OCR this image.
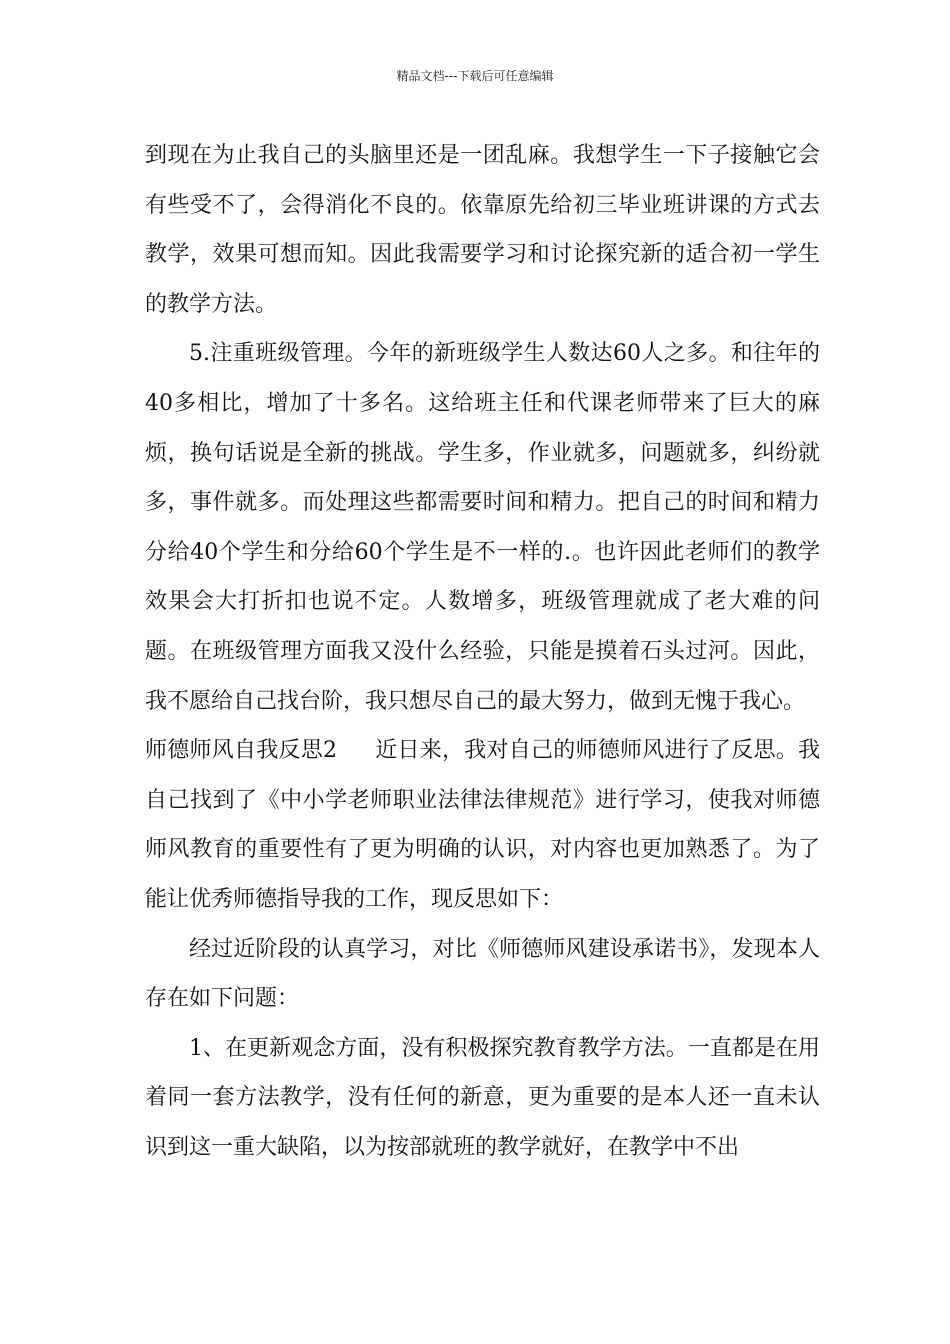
精品文档---下载后可任意编辑

到现在为止我自己的头脑里还是一团乱麻。我想学生一下子接触它会有些受不了，会得消化不良的。依靠原先给初三毕业班讲课的方式去教学，效果可想而知。因此我需要学习和讨论探究新的适合初一学生的教学方法。

5.注重班级管理。今年的新班级学生人数达60人之多。和往年的40多相比，增加了十多名。这给班主任和代课老师带来了巨大的麻烦，换句话说是全新的挑战。学生多，作业就多，问题就多，纠纷就多，事件就多。而处理这些都需要时间和精力。把自己的时间和精力分给40个学生和分给60个学生是不一样的.。也许因此老师们的教学效果会大打折扣也说不定。人数增多，班级管理就成了老大难的问题。在班级管理方面我又没什么经验，只能是摸着石头过河。因此，我不愿给自己找台阶，我只想尽自己的最大努力，做到无愧于我心。

师德师风自我反思2 近日来，我对自己的师德师风进行了反思。我自己找到了《中小学老师职业法律法律规范》进行学习，使我对师德师风教育的重要性有了更为明确的认识，对内容也更加熟悉了。为了能让优秀师德指导我的工作，现反思如下：

经过近阶段的认真学习，对比《师德师风建设承诺书》，发现本人存在如下问题：

1、在更新观念方面，没有积极探究教育教学方法。一直都是在用着同一套方法教学，没有任何的新意，更为重要的是本人还一直未认识到这一重大缺陷，以为按部就班的教学就好，在教学中不出
